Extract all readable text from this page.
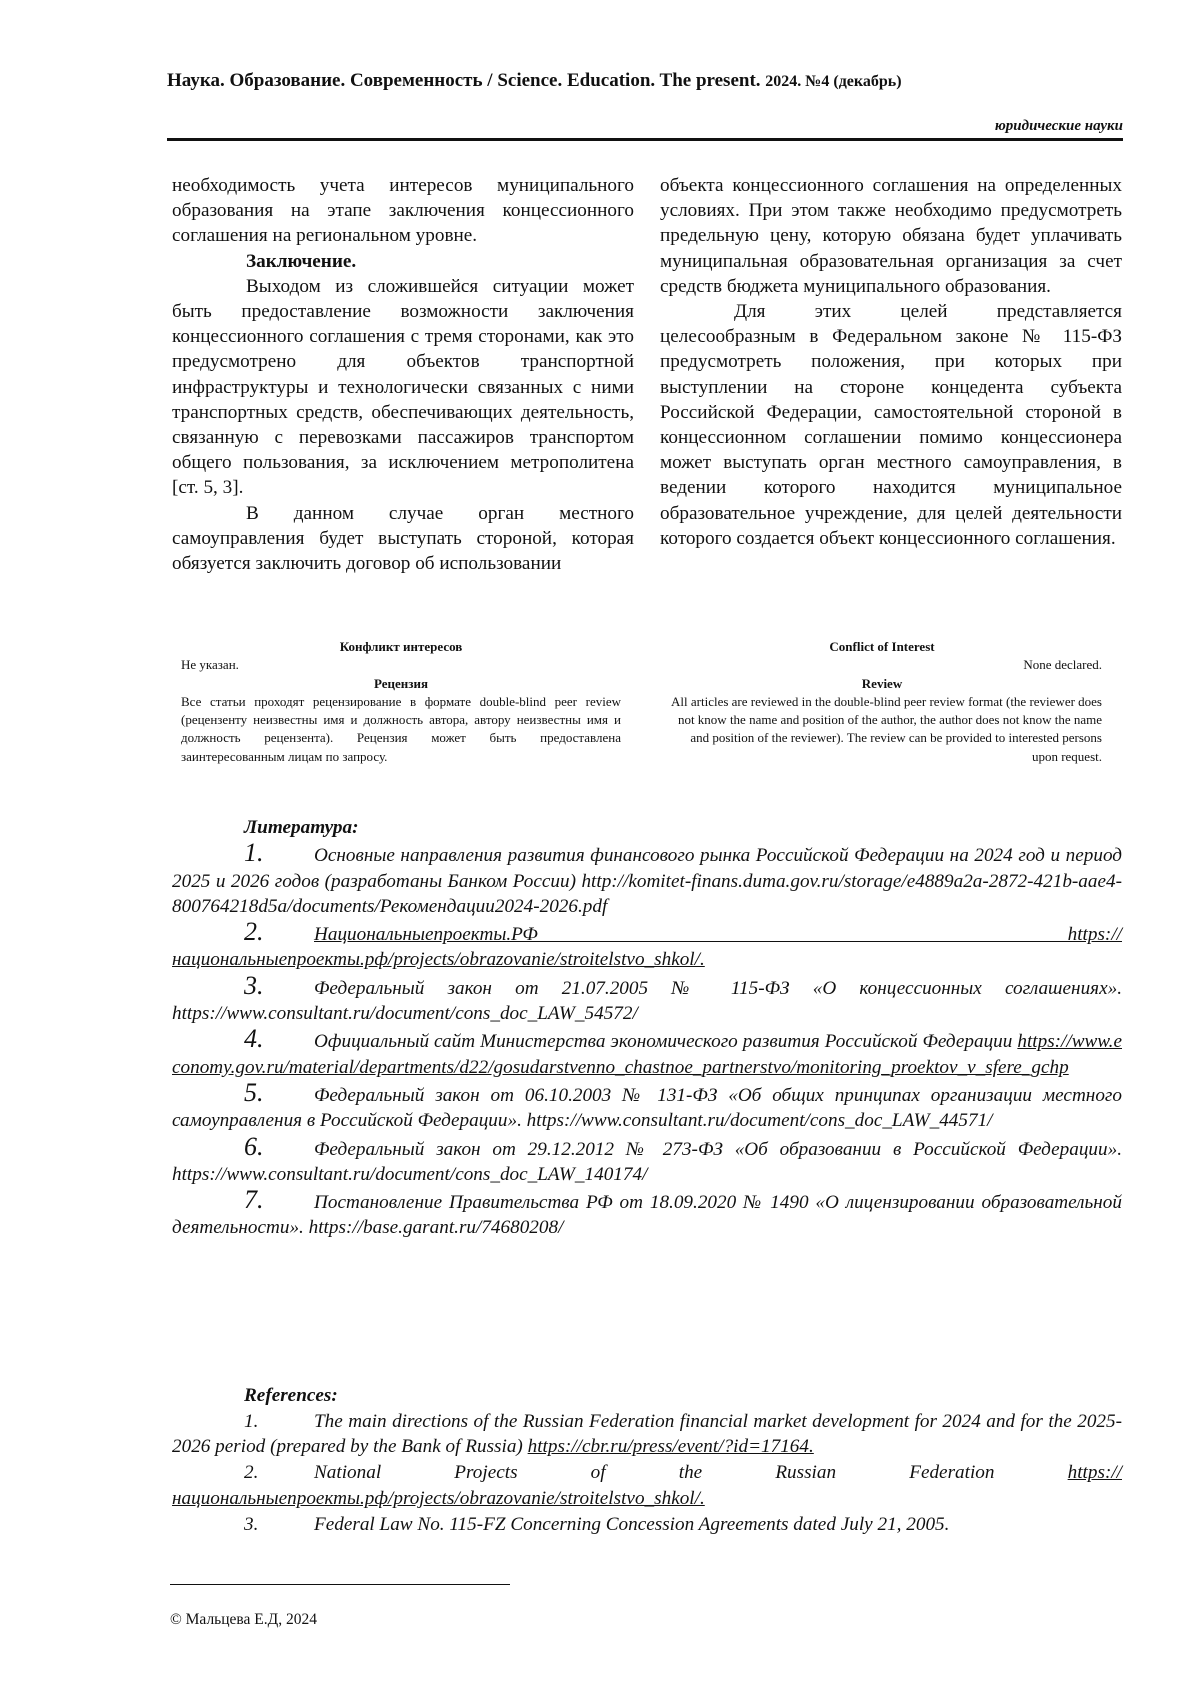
Наука. Образование. Современность / Science. Education. The present. 2024. №4 (декабрь)
юридические науки

необходимость учета интересов муниципального образования на этапе заключения концессионного соглашения на региональном уровне.

Заключение.

Выходом из сложившейся ситуации может быть предоставление возможности заключения концессионного соглашения с тремя сторонами, как это предусмотрено для объектов транспортной инфраструктуры и технологически связанных с ними транспортных средств, обеспечивающих деятельность, связанную с перевозками пассажиров транспортом общего пользования, за исключением метрополитена [ст. 5, 3].

В данном случае орган местного самоуправления будет выступать стороной, которая обязуется заключить договор об использовании

объекта концессионного соглашения на определенных условиях. При этом также необходимо предусмотреть предельную цену, которую обязана будет уплачивать муниципальная образовательная организация за счет средств бюджета муниципального образования.

Для этих целей представляется целесообразным в Федеральном законе № 115-ФЗ предусмотреть положения, при которых при выступлении на стороне концедента субъекта Российской Федерации, самостоятельной стороной в концессионном соглашении помимо концессионера может выступать орган местного самоуправления, в ведении которого находится муниципальное образовательное учреждение, для целей деятельности которого создается объект концессионного соглашения.

Конфликт интересов
Не указан.
Рецензия
Все статьи проходят рецензирование в формате double-blind peer review (рецензенту неизвестны имя и должность автора, автору неизвестны имя и должность рецензента). Рецензия может быть предоставлена заинтересованным лицам по запросу.
Conflict of Interest
None declared.
Review
All articles are reviewed in the double-blind peer review format (the reviewer does not know the name and position of the author, the author does not know the name and position of the reviewer). The review can be provided to interested persons upon request.

Литература:

1.	Основные направления развития финансового рынка Российской Федерации на 2024 год и период 2025 и 2026 годов (разработаны Банком России) http://komitet-finans.duma.gov.ru/storage/e4889a2a-2872-421b-aae4-800764218d5a/documents/Рекомендации2024-2026.pdf

2.	Национальныепроекты.РФ https://национальныепроекты.рф/projects/obrazovanie/stroitelstvo_shkol/.

3.	Федеральный закон от 21.07.2005 № 115-ФЗ «О концессионных соглашениях». https://www.consultant.ru/document/cons_doc_LAW_54572/

4.	Официальный сайт Министерства экономического развития Российской Федерации https://www.economy.gov.ru/material/departments/d22/gosudarstvenno_chastnoe_partnerstvo/monitoring_proektov_v_sfere_gchp

5.	Федеральный закон от 06.10.2003 № 131-ФЗ «Об общих принципах организации местного самоуправления в Российской Федерации». https://www.consultant.ru/document/cons_doc_LAW_44571/

6.	Федеральный закон от 29.12.2012 № 273-ФЗ «Об образовании в Российской Федерации». https://www.consultant.ru/document/cons_doc_LAW_140174/

7.	Постановление Правительства РФ от 18.09.2020 № 1490 «О лицензировании образовательной деятельности». https://base.garant.ru/74680208/

References:

1.	The main directions of the Russian Federation financial market development for 2024 and for the 2025-2026 period (prepared by the Bank of Russia) https://cbr.ru/press/event/?id=17164.

2.	National Projects of the Russian Federation https://национальныепроекты.рф/projects/obrazovanie/stroitelstvo_shkol/.

3.	Federal Law No. 115-FZ Concerning Concession Agreements dated July 21, 2005.

© Мальцева Е.Д, 2024
